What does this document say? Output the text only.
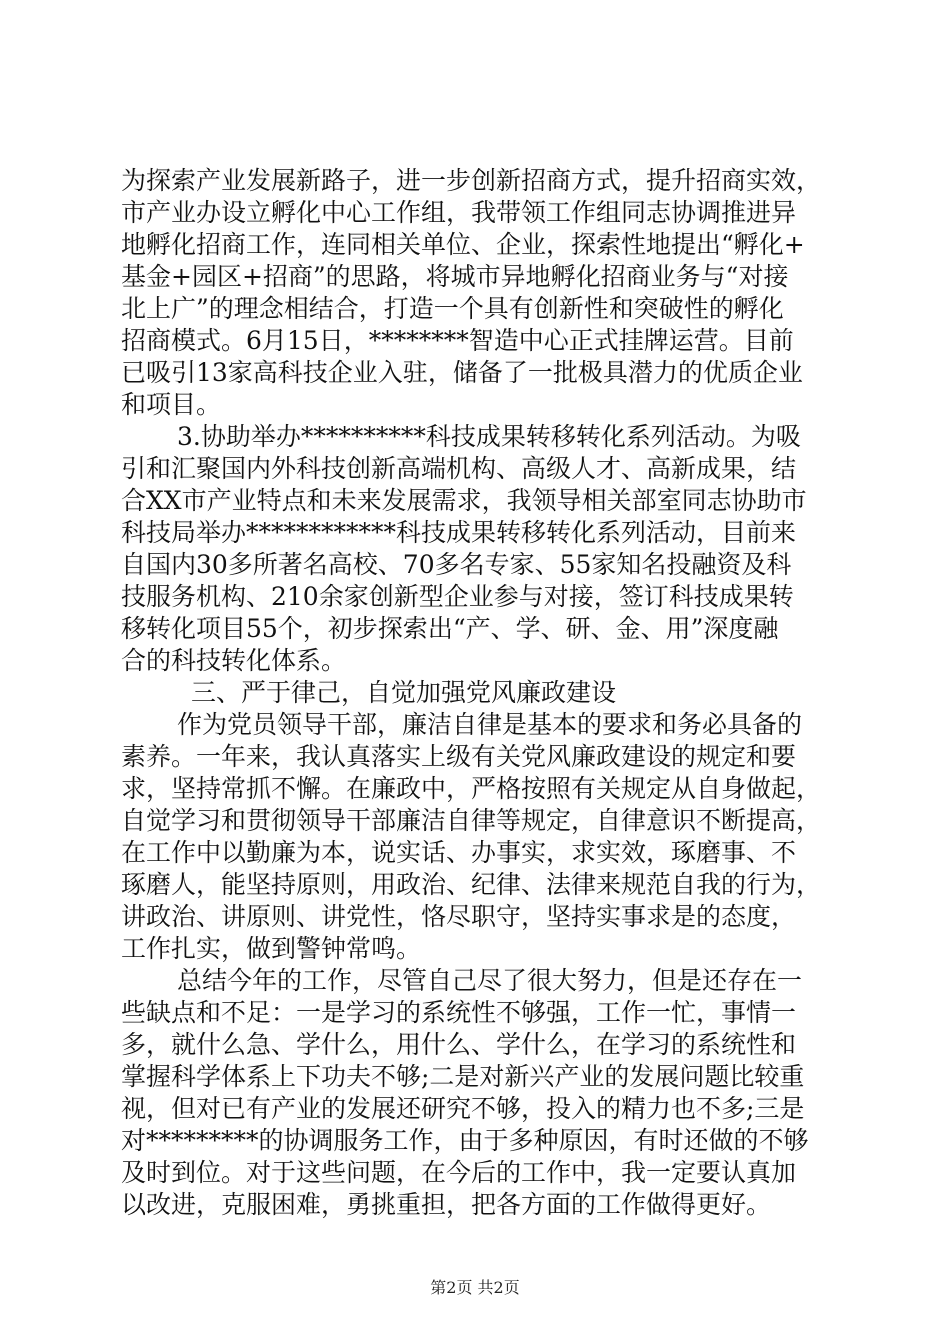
为探索产业发展新路子，进一步创新招商方式，提升招商实效，
市产业办设立孵化中心工作组，我带领工作组同志协调推进异
地孵化招商工作，连同相关单位、企业，探索性地提出“孵化+
基金+园区+招商”的思路，将城市异地孵化招商业务与“对接
北上广”的理念相结合，打造一个具有创新性和突破性的孵化
招商模式。6月15日，********智造中心正式挂牌运营。目前
已吸引13家高科技企业入驻，储备了一批极具潜力的优质企业
和项目。
3.协助举办**********科技成果转移转化系列活动。为吸
引和汇聚国内外科技创新高端机构、高级人才、高新成果，结
合XX市产业特点和未来发展需求，我领导相关部室同志协助市
科技局举办************科技成果转移转化系列活动，目前来
自国内30多所著名高校、70多名专家、55家知名投融资及科
技服务机构、210余家创新型企业参与对接，签订科技成果转
移转化项目55个，初步探索出“产、学、研、金、用”深度融
合的科技转化体系。
三、严于律己，自觉加强党风廉政建设
作为党员领导干部，廉洁自律是基本的要求和务必具备的
素养。一年来，我认真落实上级有关党风廉政建设的规定和要
求，坚持常抓不懈。在廉政中，严格按照有关规定从自身做起，
自觉学习和贯彻领导干部廉洁自律等规定，自律意识不断提高，
在工作中以勤廉为本，说实话、办事实，求实效，琢磨事、不
琢磨人，能坚持原则，用政治、纪律、法律来规范自我的行为，
讲政治、讲原则、讲党性，恪尽职守，坚持实事求是的态度，
工作扎实，做到警钟常鸣。
总结今年的工作，尽管自己尽了很大努力，但是还存在一
些缺点和不足：一是学习的系统性不够强，工作一忙，事情一
多，就什么急、学什么，用什么、学什么，在学习的系统性和
掌握科学体系上下功夫不够;二是对新兴产业的发展问题比较重
视，但对已有产业的发展还研究不够，投入的精力也不多;三是
对*********的协调服务工作，由于多种原因，有时还做的不够
及时到位。对于这些问题，在今后的工作中，我一定要认真加
以改进，克服困难，勇挑重担，把各方面的工作做得更好。
第2页 共2页
